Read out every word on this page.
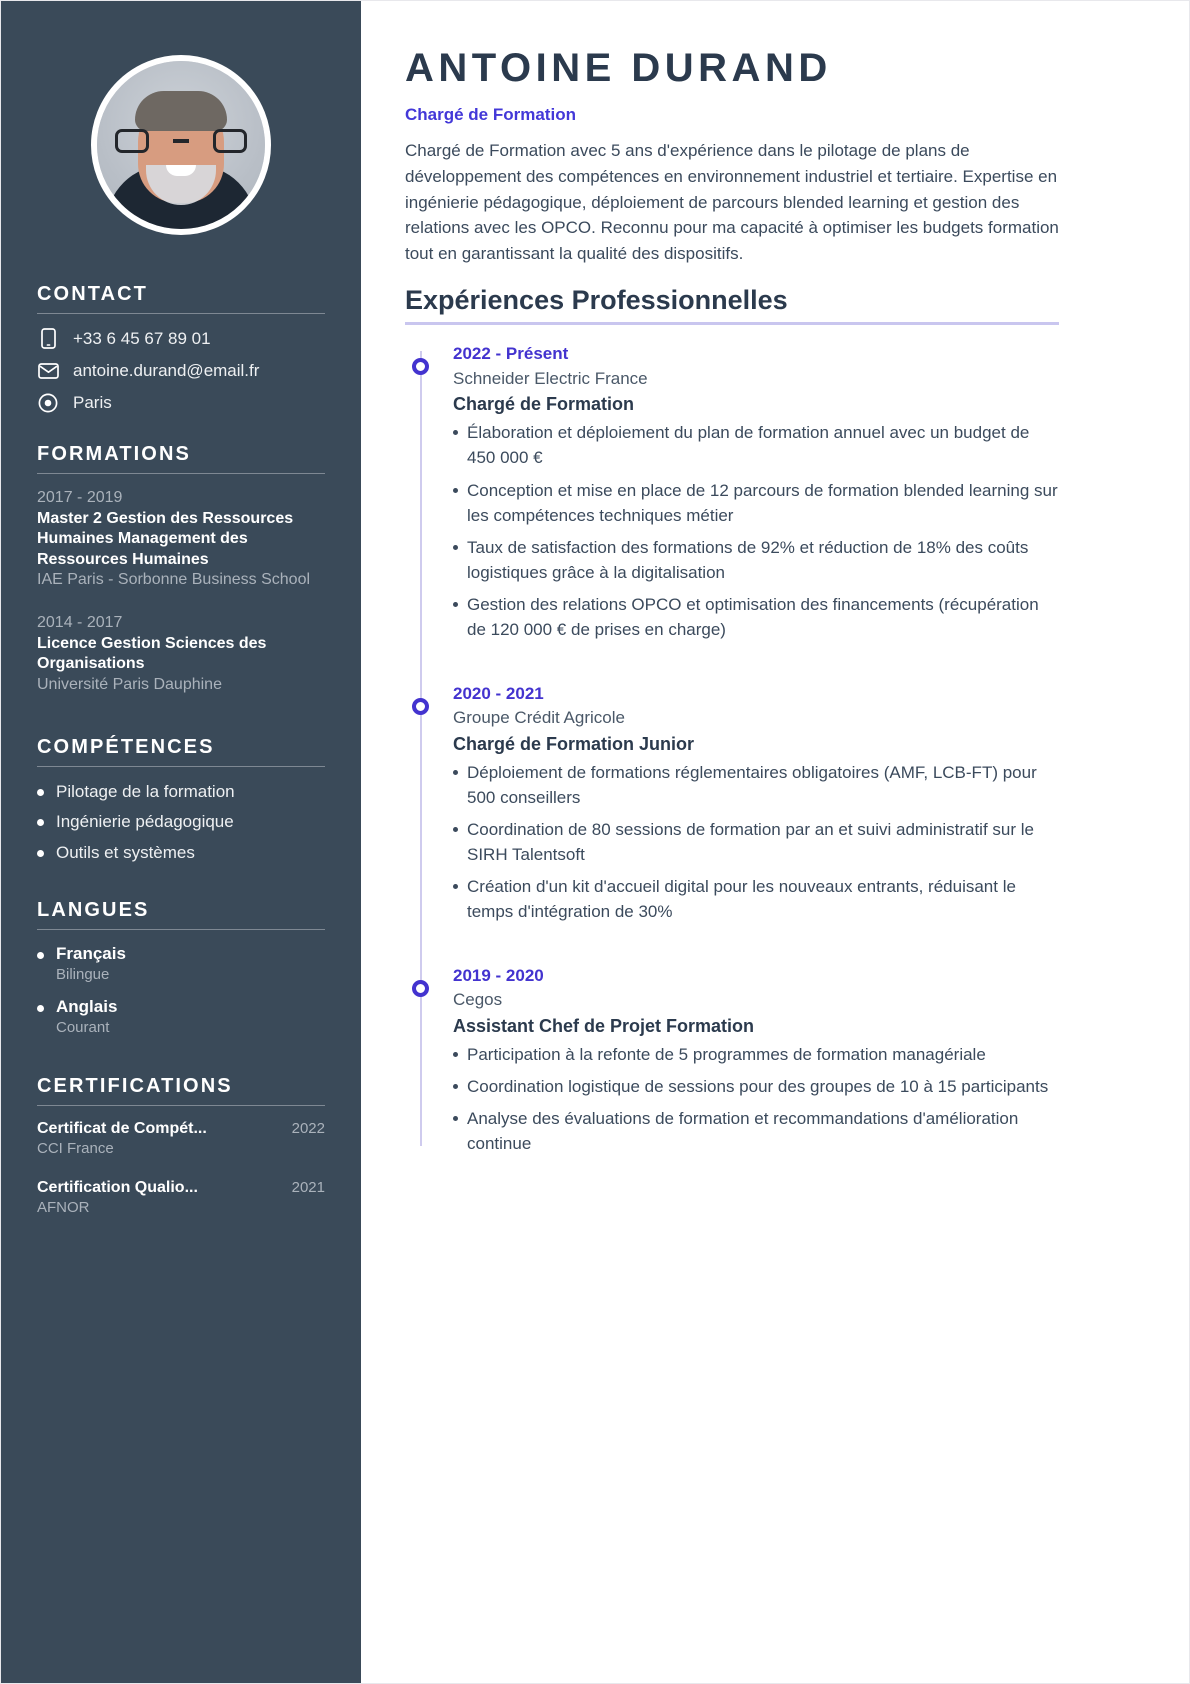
CONTACT
+33 6 45 67 89 01
antoine.durand@email.fr
Paris
FORMATIONS
2017 - 2019
Master 2 Gestion des Ressources Humaines Management des Ressources Humaines
IAE Paris - Sorbonne Business School
2014 - 2017
Licence Gestion Sciences des Organisations
Université Paris Dauphine
COMPÉTENCES
Pilotage de la formation
Ingénierie pédagogique
Outils et systèmes
LANGUES
Français
Bilingue
Anglais
Courant
CERTIFICATIONS
Certificat de Compét...	2022
CCI France
Certification Qualio...	2021
AFNOR
ANTOINE DURAND
Chargé de Formation

Chargé de Formation avec 5 ans d'expérience dans le pilotage de plans de développement des compétences en environnement industriel et tertiaire. Expertise en ingénierie pédagogique, déploiement de parcours blended learning et gestion des relations avec les OPCO. Reconnu pour ma capacité à optimiser les budgets formation tout en garantissant la qualité des dispositifs.

Expériences Professionnelles
2022 - Présent
Schneider Electric France
Chargé de Formation
Élaboration et déploiement du plan de formation annuel avec un budget de 450 000 €
Conception et mise en place de 12 parcours de formation blended learning sur les compétences techniques métier
Taux de satisfaction des formations de 92% et réduction de 18% des coûts logistiques grâce à la digitalisation
Gestion des relations OPCO et optimisation des financements (récupération de 120 000 € de prises en charge)
2020 - 2021
Groupe Crédit Agricole
Chargé de Formation Junior
Déploiement de formations réglementaires obligatoires (AMF, LCB-FT) pour 500 conseillers
Coordination de 80 sessions de formation par an et suivi administratif sur le SIRH Talentsoft
Création d'un kit d'accueil digital pour les nouveaux entrants, réduisant le temps d'intégration de 30%
2019 - 2020
Cegos
Assistant Chef de Projet Formation
Participation à la refonte de 5 programmes de formation managériale
Coordination logistique de sessions pour des groupes de 10 à 15 participants
Analyse des évaluations de formation et recommandations d'amélioration continue
